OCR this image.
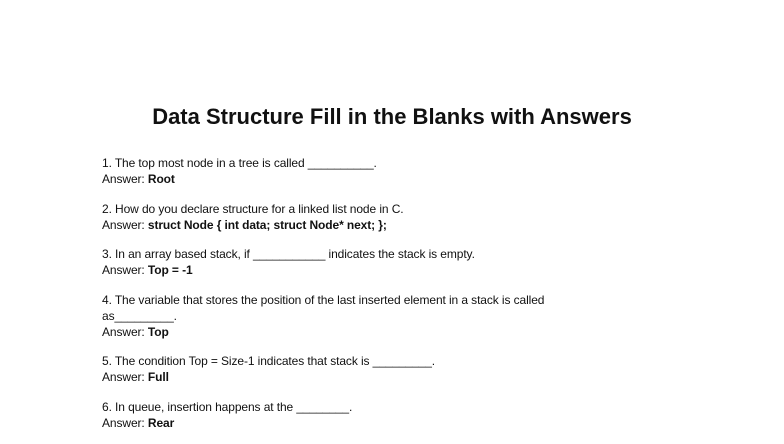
Data Structure Fill in the Blanks with Answers
1. The top most node in a tree is called __________.
Answer: Root
2. How do you declare structure for a linked list node in C.
Answer: struct Node { int data; struct Node* next; };
3. In an array based stack, if ___________ indicates the stack is empty.
Answer: Top = -1
4. The variable that stores the position of the last inserted element in a stack is called
as_________.
Answer: Top
5. The condition Top = Size-1 indicates that stack is _________.
Answer: Full
6. In queue, insertion happens at the ________.
Answer: Rear
